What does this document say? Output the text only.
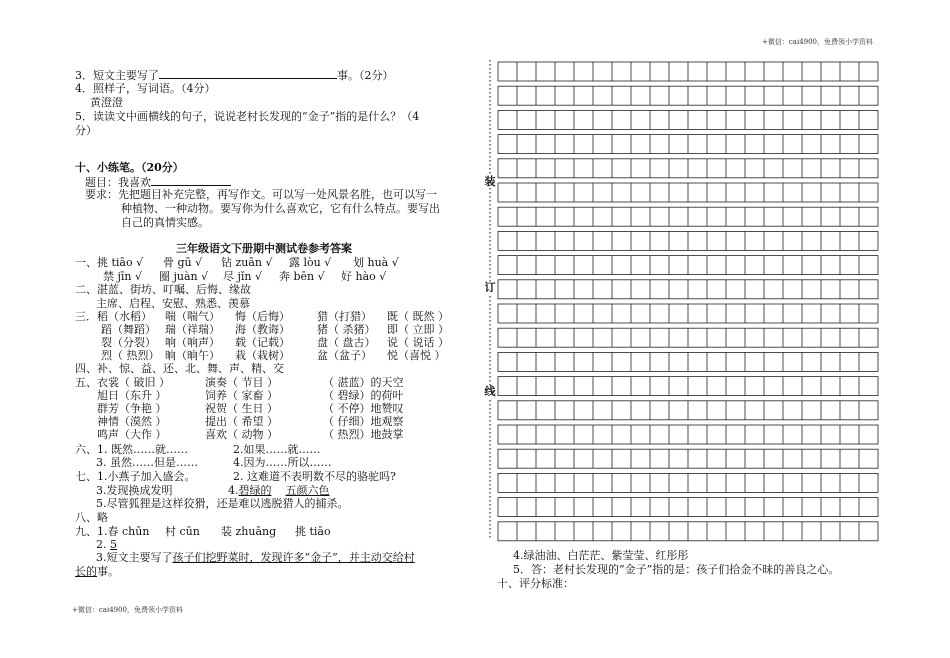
+微信：cai4900，免费领小学资料
+微信：cai4900，免费领小学资料
3．短文主要写了	事。（2分）
4．照样子，写词语。（4分）
黄澄澄
5．读读文中画横线的句子，说说老村长发现的“金子”指的是什么？（4
分）
十、小练笔。（20分）
题目：我喜欢
要求：先把题目补充完整，再写作文。可以写一处风景名胜，也可以写一
种植物、一种动物。要写你为什么喜欢它，它有什么特点。要写出
自己的真情实感。
三年级语文下册期中测试卷参考答案
一、挑 tiāo √ 骨 gū √ 钻 zuān √ 露 lòu √ 划 huà √
禁 jīn √ 圈 juàn √ 尽 jǐn √ 奔 bēn √ 好 hào √
二、湛蓝、街坊、叮嘱、后悔、缘故
主席、启程、安慰、熟悉、羡慕
三．稻（水稻） 喘（喘气） 悔（后悔） 猎（打猎） 既（ 既然 ）
蹈（舞蹈） 瑞（祥瑞） 海（教诲） 猪（ 杀猪） 即（ 立即 ）
裂（分裂） 响（响声） 载（记载） 盘（ 盘古） 说（ 说话 ）
烈（ 热烈） 晌（晌午） 栽（栽树） 盆（盆子） 悦（喜悦 ）
四、补、惊、益、还、北、舞、声、精、交
五、衣裳（ 破旧 ）	演奏（ 节目 ）	（ 湛蓝）的天空
旭日（东升 ）	饲养（ 家畜 ）	（ 碧绿）的荷叶
群芳（争艳 ）	祝贺（ 生日 ）	（ 不停）地赞叹
神情（漠然 ）	提出（ 希望 ）	（ 仔细）地观察
鸣声（大作 ）	喜欢（ 动物 ）	（ 热烈）地鼓掌
六、1. 既然……就……	2.如果……就……
3. 虽然……但是……	4.因为……所以……
七、1.小燕子加入盛会。	2. 这难道不表明数不尽的骆驼吗?
3.发现换成发明	4.碧绿的 五颜六色
5.尽管狐狸是这样狡猾，还是难以逃脱猎人的捕杀。
八、略
九、1.春 chūn 村 cūn 装 zhuāng 挑 tiāo
2. 5
3.短文主要写了孩子们挖野菜时，发现许多“金子”，并主动交给村
长的事。
装
订
线
4.绿油油、白茫茫、紫莹莹、红彤彤
5．答：老村长发现的“金子”指的是：孩子们拾金不昧的善良之心。
十、评分标准：
